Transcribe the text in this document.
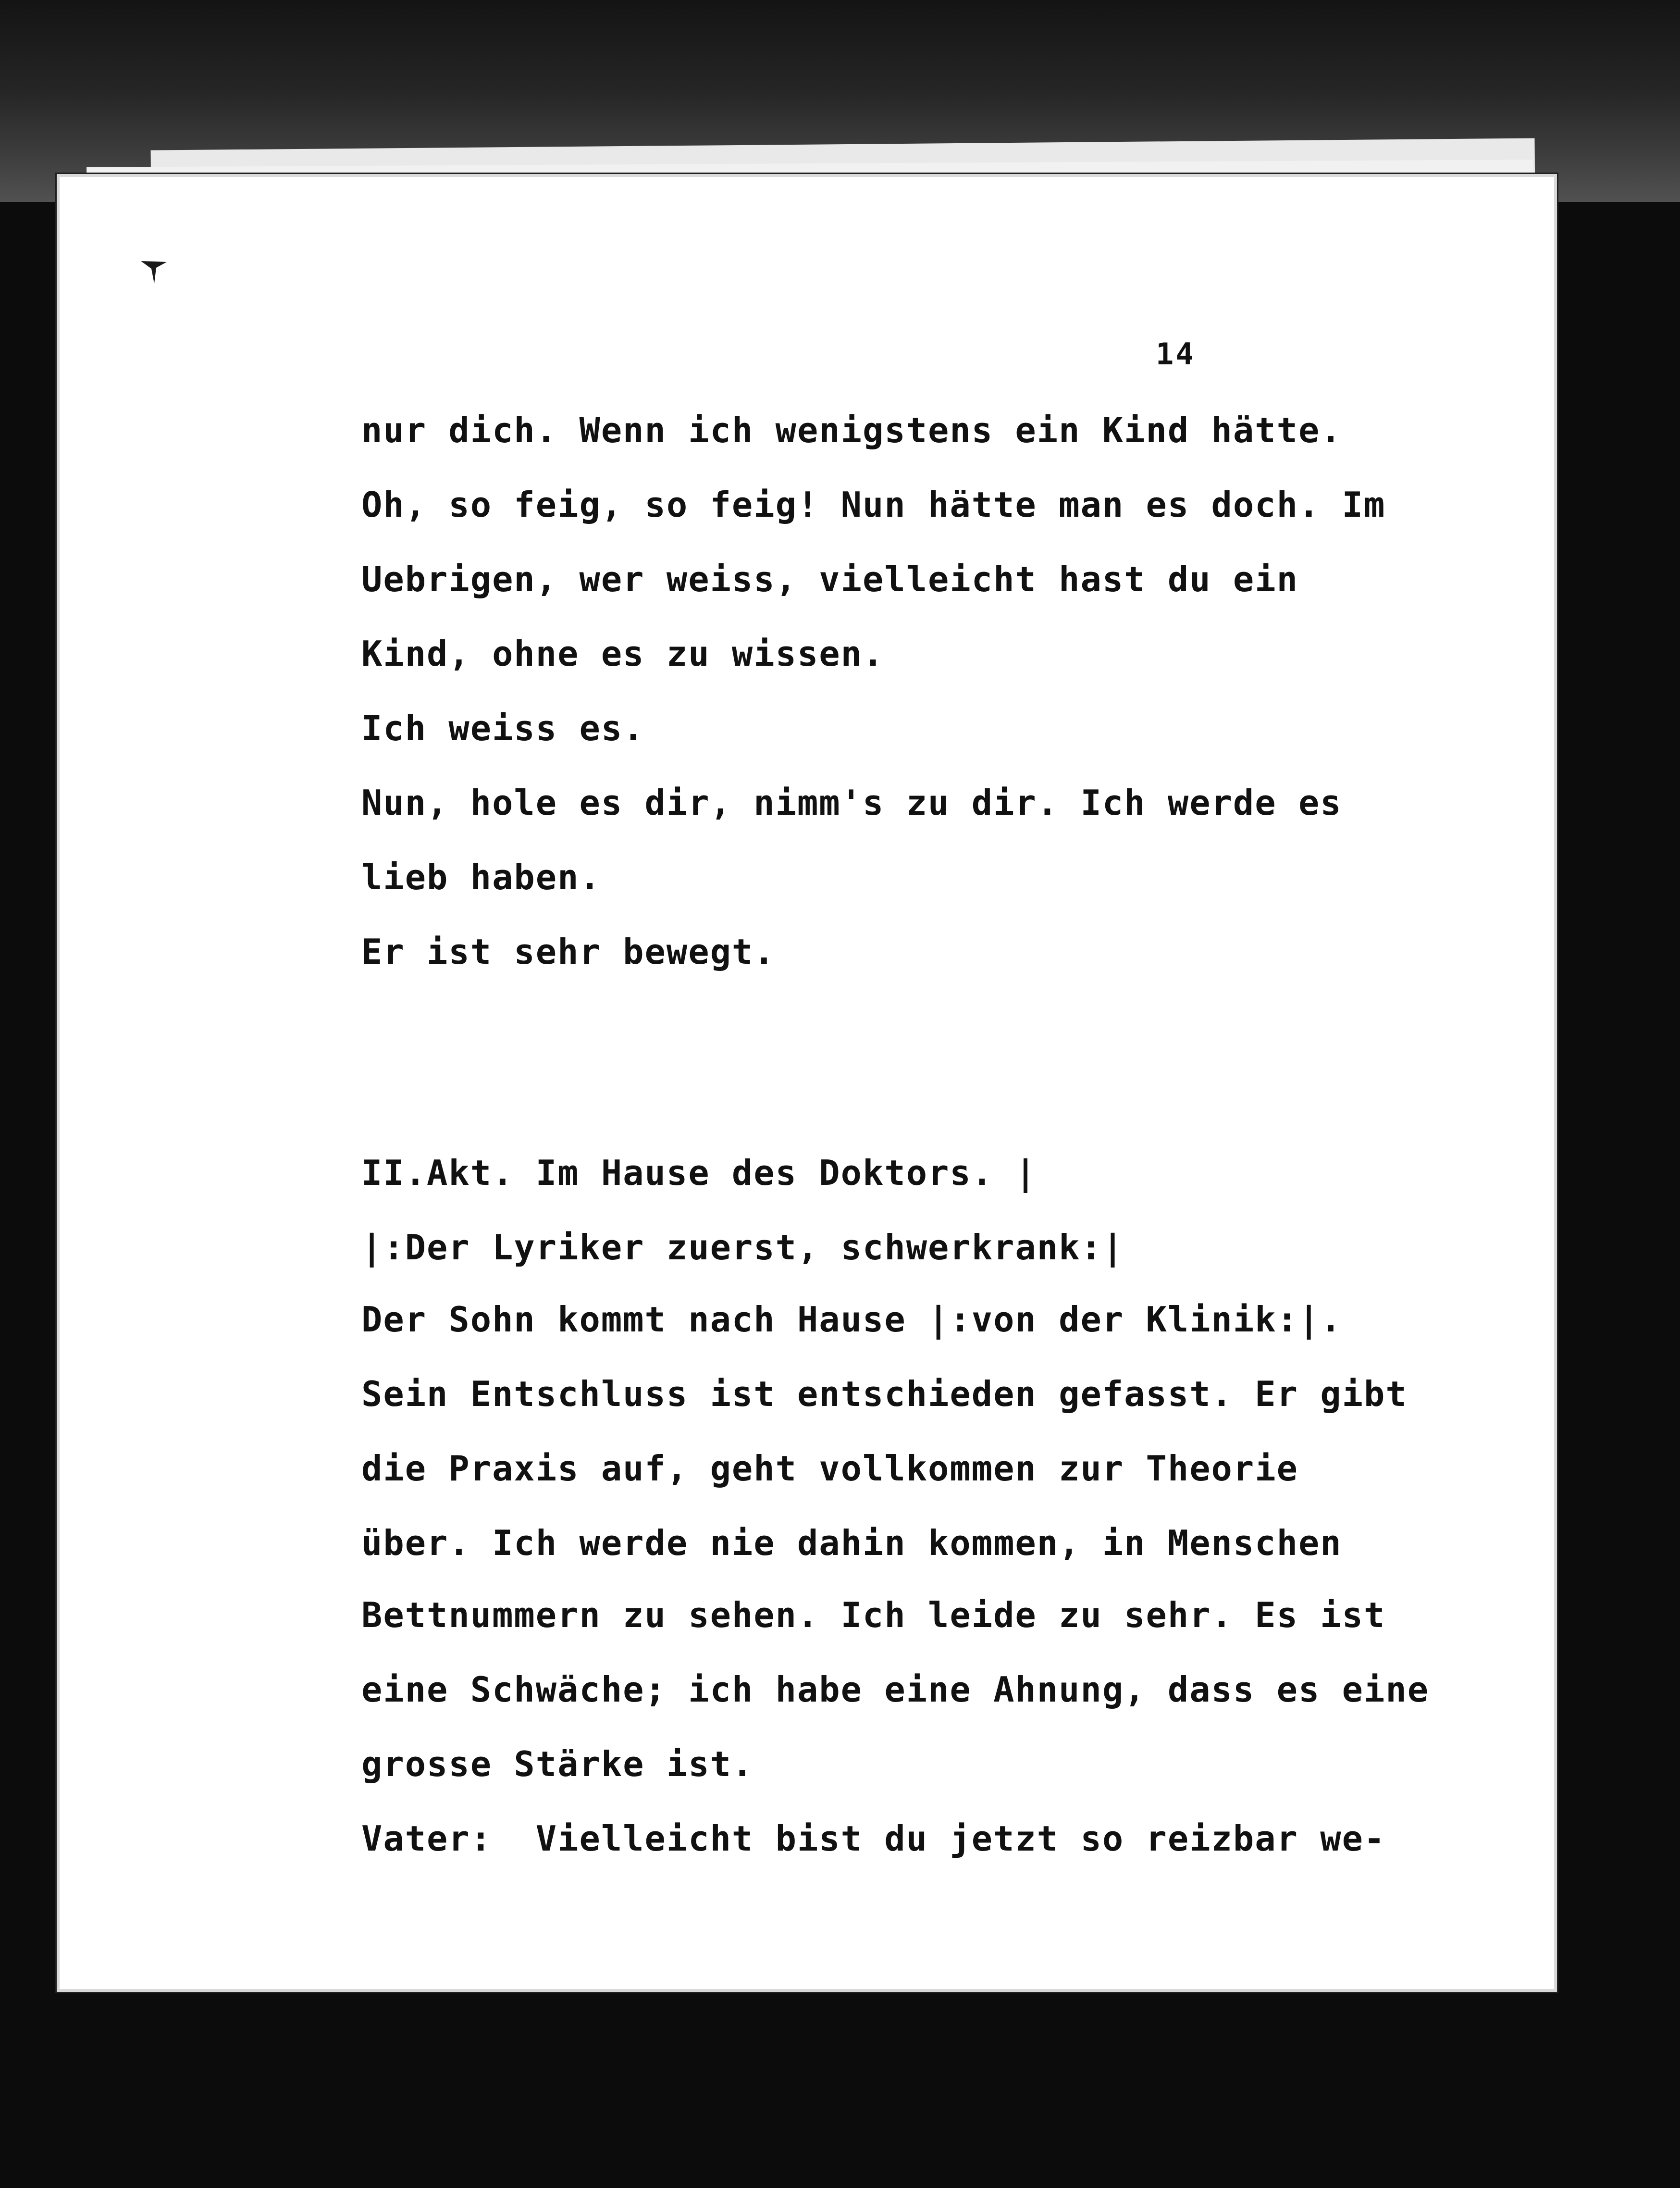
14
nur dich. Wenn ich wenigstens ein Kind hätte.
Oh, so feig, so feig! Nun hätte man es doch. Im
Uebrigen, wer weiss, vielleicht hast du ein
Kind, ohne es zu wissen.
Ich weiss es.
Nun, hole es dir, nimm's zu dir. Ich werde es
lieb haben.
Er ist sehr bewegt.
II.Akt. Im Hause des Doktors. |
|:Der Lyriker zuerst, schwerkrank:|
Der Sohn kommt nach Hause |:von der Klinik:|.
Sein Entschluss ist entschieden gefasst. Er gibt
die Praxis auf, geht vollkommen zur Theorie
über. Ich werde nie dahin kommen, in Menschen
Bettnummern zu sehen. Ich leide zu sehr. Es ist
eine Schwäche; ich habe eine Ahnung, dass es eine
grosse Stärke ist.
Vater:  Vielleicht bist du jetzt so reizbar we-
